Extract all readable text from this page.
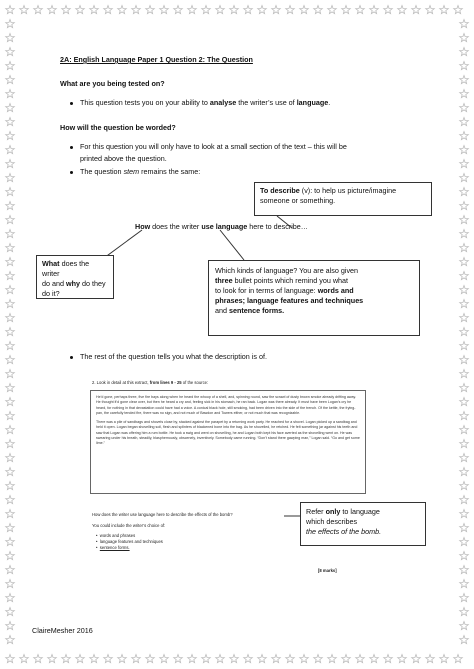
2A: English Language Paper 1 Question 2: The Question
What are you being tested on?
This question tests you on your ability to analyse the writer’s use of language.
How will the question be worded?
For this question you will only have to look at a small section of the text – this will be
printed above the question.
The question stem remains the same:
To describe (v): to help us picture/imagine
someone or something.
How does the writer use language here to describe…
What does the writer
do and why do they
do it?
Which kinds of language? You are also given
three bullet points which remind you what
to look for in terms of language: words and
phrases; language features and techniques
and sentence forms.
The rest of the question tells you what the description is of.
2. Look in detail at this extract, from lines 9 - 25 of the source:

He’d gone, perhaps three, five fire bays along when he heard the whoop of a shell, and, spinning round, saw the scrawl of dusty brown smoke already drifting away. He thought it’d gone clear over, but then he heard a cry and, feeling sick in his stomach, he ran back. Logan was there already. It must have been Logan’s cry he heard, for nothing in that devastation could have had a voice. A conical black hole, still smoking, had been driven into the side of the trench. Of the kettle, the frying-pan, the carefully tended fire, there was no sign, and not much of Bawdon and Towers either, or not much that was recognizable.

There was a pile of sandbags and shovels close by, stacked against the parapet by a returning work party. He reached for a shovel. Logan picked up a sandbag and held it open. Logan began shovelling soil, flesh and splinters of blackened bone into the bag. As he shovelled, he retched. He felt something jar against his teeth and saw that Logan was offering him a rum bottle. He took a swig and went on shovelling, he and Logan both kept his face averted as the shovelling went on. He was swearing under his breath, steadily, blasphemously, obscenely, inventively. Somebody came running. “Don’t stand there gawping man,” Logan said. “Go and get some lime.”

How does the writer use language here to describe the effects of the bomb?
You could include the writer’s choice of:
•  words and phrases
•  language features and techniques
•  sentence forms.
[8 marks]
Refer only to language
which describes
the effects of the bomb.
ClaireMesher 2016
